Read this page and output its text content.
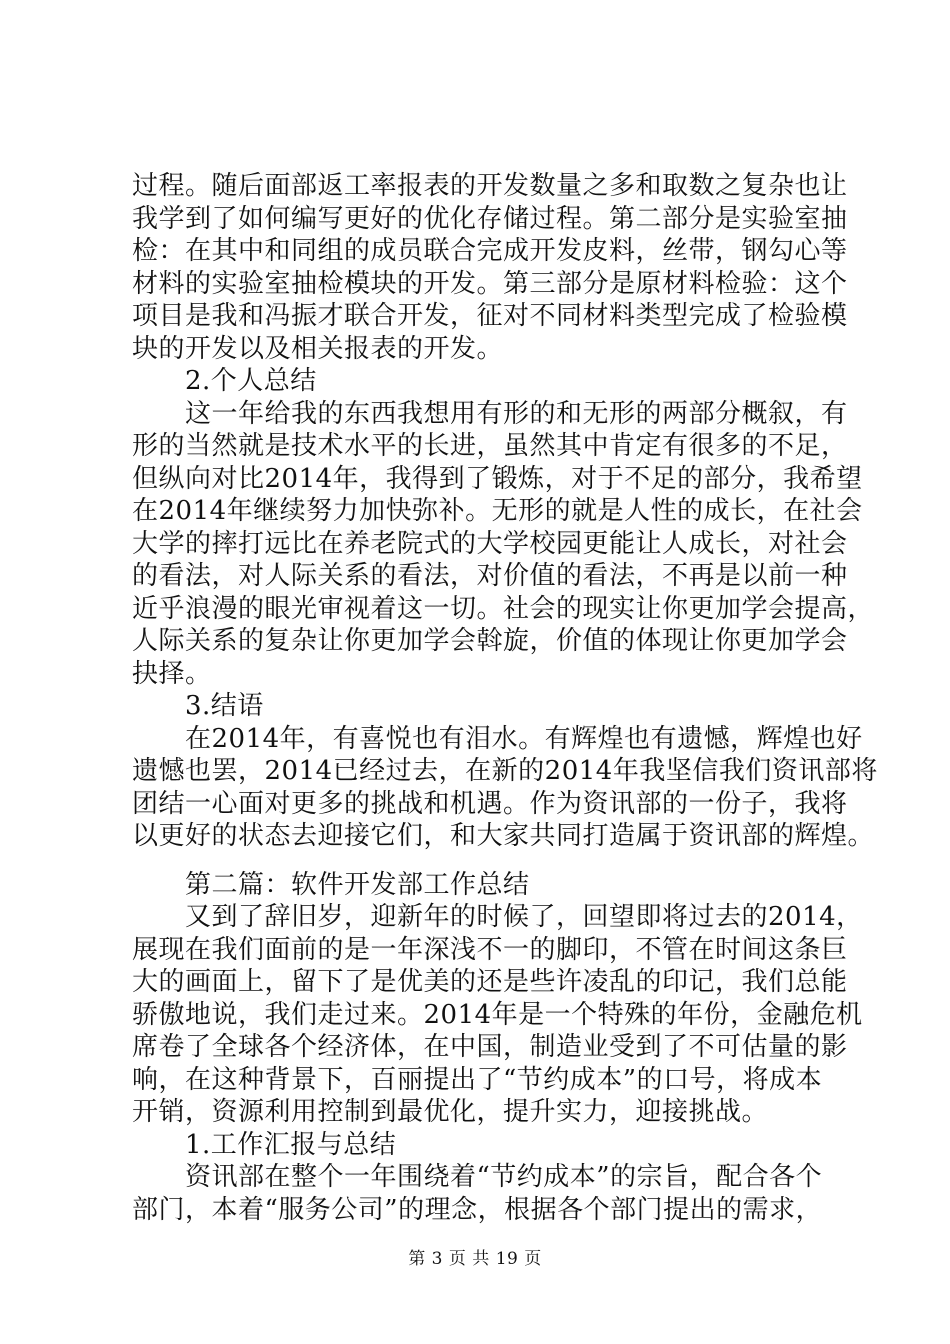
过程。随后面部返工率报表的开发数量之多和取数之复杂也让
我学到了如何编写更好的优化存储过程。第二部分是实验室抽
检：在其中和同组的成员联合完成开发皮料，丝带，钢勾心等
材料的实验室抽检模块的开发。第三部分是原材料检验：这个
项目是我和冯振才联合开发，征对不同材料类型完成了检验模
块的开发以及相关报表的开发。
　　2.个人总结
　　这一年给我的东西我想用有形的和无形的两部分概叙，有
形的当然就是技术水平的长进，虽然其中肯定有很多的不足，
但纵向对比2014年，我得到了锻炼，对于不足的部分，我希望
在2014年继续努力加快弥补。无形的就是人性的成长，在社会
大学的摔打远比在养老院式的大学校园更能让人成长，对社会
的看法，对人际关系的看法，对价值的看法，不再是以前一种
近乎浪漫的眼光审视着这一切。社会的现实让你更加学会提高，
人际关系的复杂让你更加学会斡旋，价值的体现让你更加学会
抉择。
　　3.结语
　　在2014年，有喜悦也有泪水。有辉煌也有遗憾，辉煌也好
遗憾也罢，2014已经过去，在新的2014年我坚信我们资讯部将
团结一心面对更多的挑战和机遇。作为资讯部的一份子，我将
以更好的状态去迎接它们，和大家共同打造属于资讯部的辉煌。
　　第二篇：软件开发部工作总结
　　又到了辞旧岁，迎新年的时候了，回望即将过去的2014，
展现在我们面前的是一年深浅不一的脚印，不管在时间这条巨
大的画面上，留下了是优美的还是些许凌乱的印记，我们总能
骄傲地说，我们走过来。2014年是一个特殊的年份，金融危机
席卷了全球各个经济体，在中国，制造业受到了不可估量的影
响，在这种背景下，百丽提出了“节约成本”的口号，将成本
开销，资源利用控制到最优化，提升实力，迎接挑战。
　　1.工作汇报与总结
　　资讯部在整个一年围绕着“节约成本”的宗旨，配合各个
部门，本着“服务公司”的理念，根据各个部门提出的需求，
第 3 页 共 19 页
